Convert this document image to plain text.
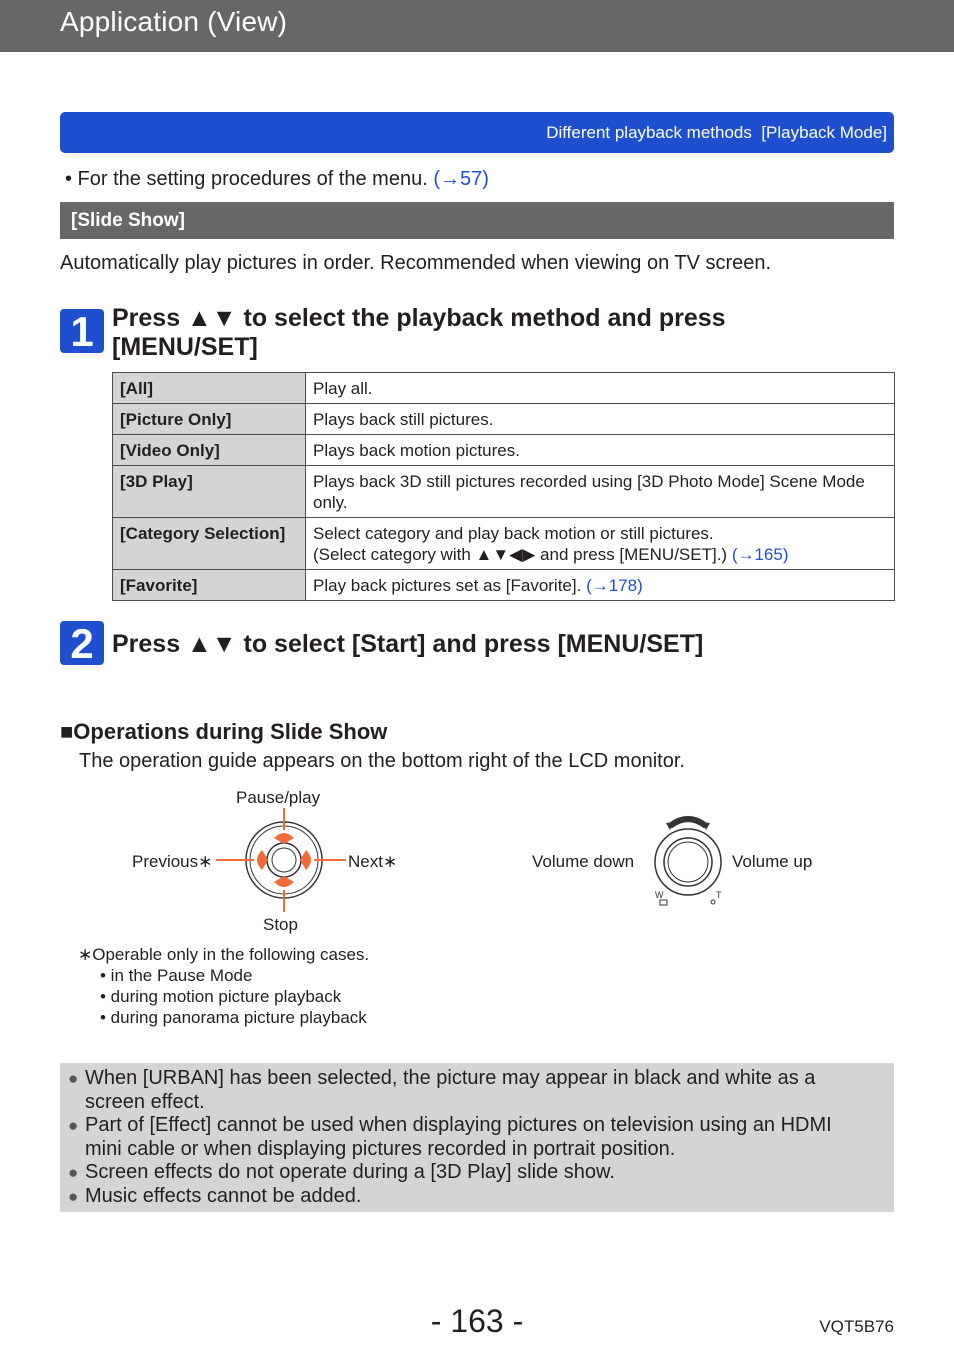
Application (View)
Different playback methods  [Playback Mode]
• For the setting procedures of the menu. (→57)
[Slide Show]
Automatically play pictures in order. Recommended when viewing on TV screen.
1 Press ▲▼ to select the playback method and press
[MENU/SET]
[All]	Play all.
[Picture Only]	Plays back still pictures.
[Video Only]	Plays back motion pictures.
[3D Play]	Plays back 3D still pictures recorded using [3D Photo Mode] Scene Mode only.
[Category Selection]	Select category and play back motion or still pictures.
(Select category with ▲▼◀▶ and press [MENU/SET].) (→165)

[Favorite]	Play back pictures set as [Favorite]. (→178)
2 Press ▲▼ to select [Start] and press [MENU/SET]
■Operations during Slide Show
The operation guide appears on the bottom right of the LCD monitor.
Pause/play
Previous∗	Next∗
Stop
Volume down	Volume up
W	T
∗Operable only in the following cases.
• in the Pause Mode
• during motion picture playback
• during panorama picture playback
● When [URBAN] has been selected, the picture may appear in black and white as a
screen effect.
● Part of [Effect] cannot be used when displaying pictures on television using an HDMI
mini cable or when displaying pictures recorded in portrait position.
● Screen effects do not operate during a [3D Play] slide show.
● Music effects cannot be added.
- 163 -	VQT5B76
